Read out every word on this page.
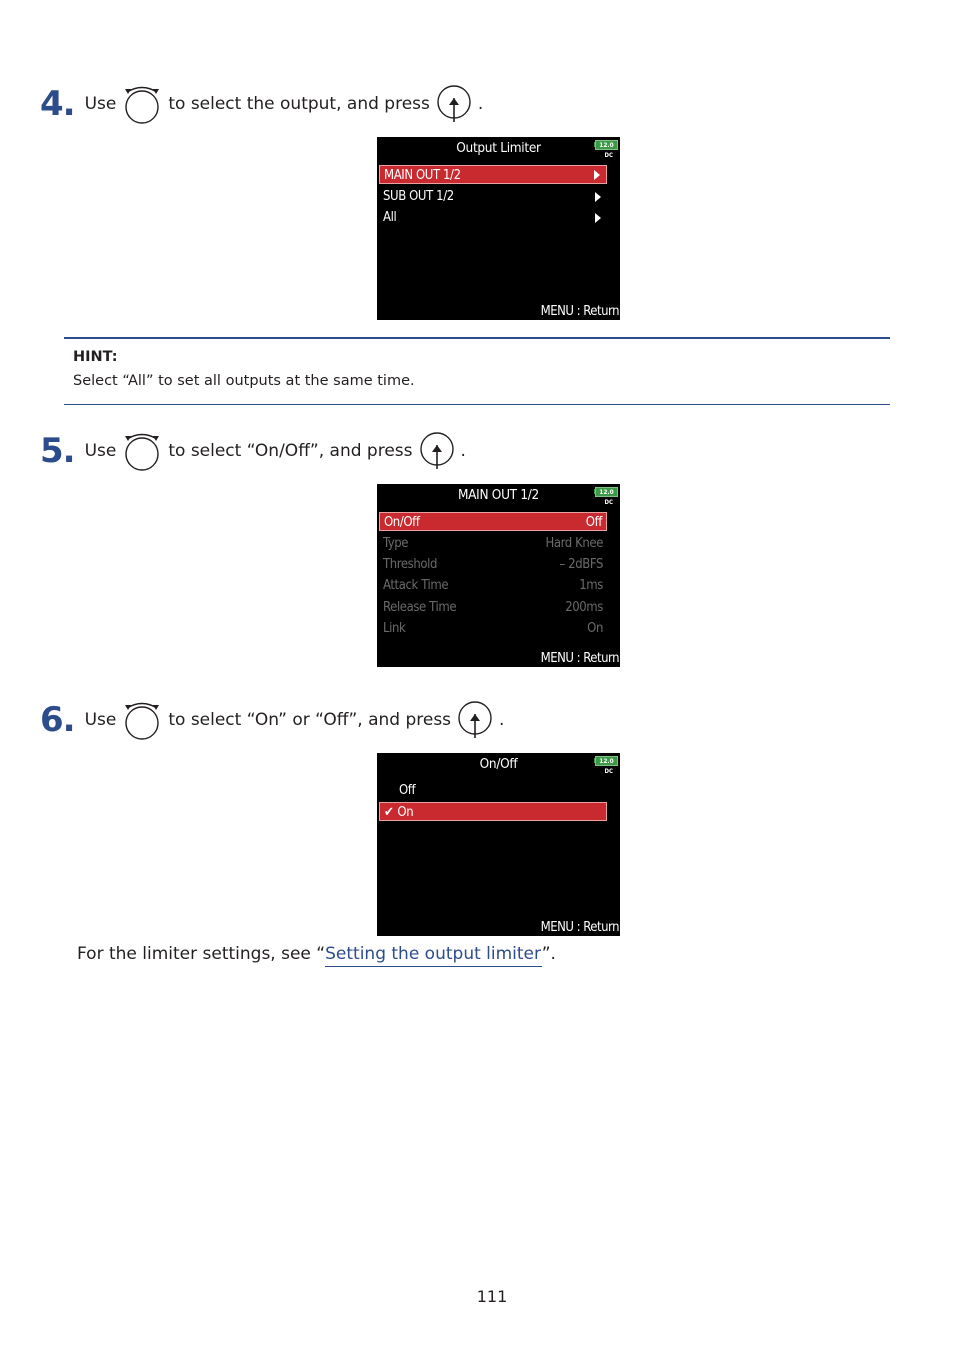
4. Use	to select the output, and press	.
Output Limiter	12.0
DC
MAIN OUT 1/2
SUB OUT 1/2
All
MENU : Return
HINT:
Select “All” to set all outputs at the same time.
5. Use	to select “On/Off”, and press	.
MAIN OUT 1/2	12.0
DC
On/Off	Off
Type	Hard Knee
Threshold	– 2dBFS
Attack Time	1ms
Release Time	200ms
Link	On
MENU : Return
6. Use	to select “On” or “Off”, and press	.
On/Off	12.0
DC
Off
✔ On
MENU : Return
For the limiter settings, see “Setting the output limiter”.
111
